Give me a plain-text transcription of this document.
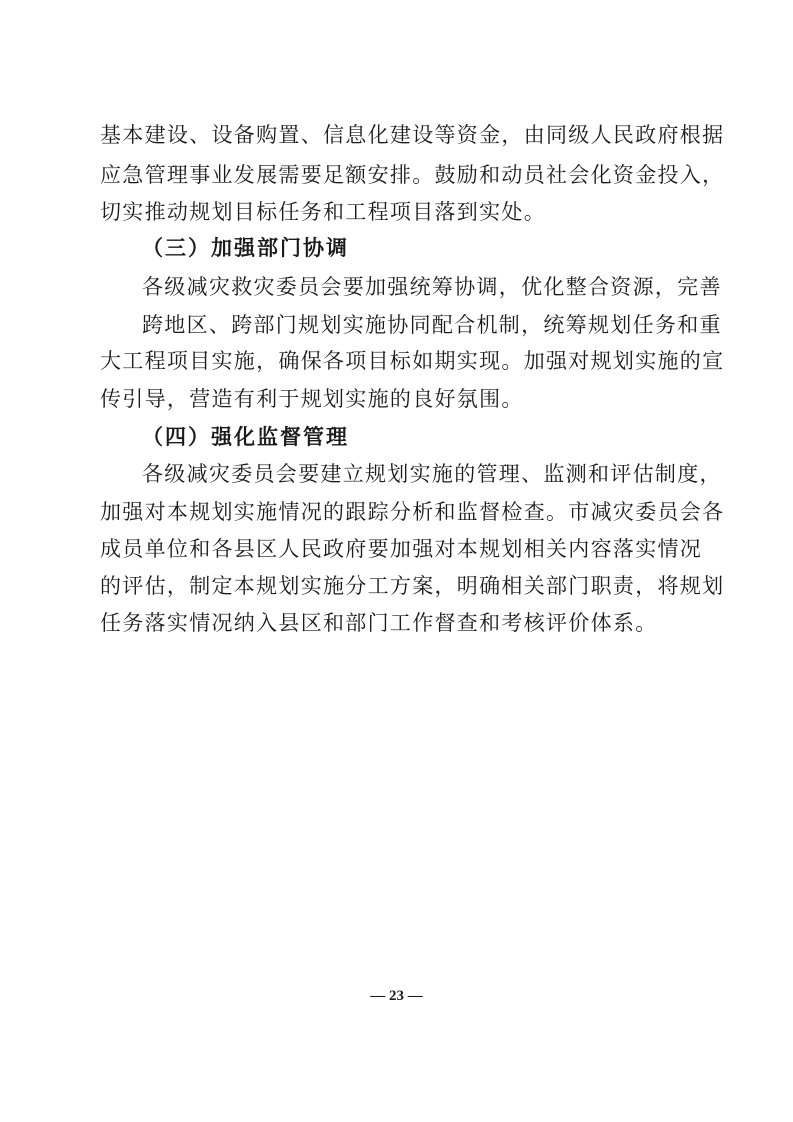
基本建设、设备购置、信息化建设等资金，由同级人民政府根据
应急管理事业发展需要足额安排。鼓励和动员社会化资金投入，
切实推动规划目标任务和工程项目落到实处。
（三）加强部门协调
各级减灾救灾委员会要加强统筹协调，优化整合资源，完善
跨地区、跨部门规划实施协同配合机制，统筹规划任务和重
大工程项目实施，确保各项目标如期实现。加强对规划实施的宣
传引导，营造有利于规划实施的良好氛围。
（四）强化监督管理
各级减灾委员会要建立规划实施的管理、监测和评估制度，
加强对本规划实施情况的跟踪分析和监督检查。市减灾委员会各
成员单位和各县区人民政府要加强对本规划相关内容落实情况
的评估，制定本规划实施分工方案，明确相关部门职责，将规划
任务落实情况纳入县区和部门工作督查和考核评价体系。
— 23 —
